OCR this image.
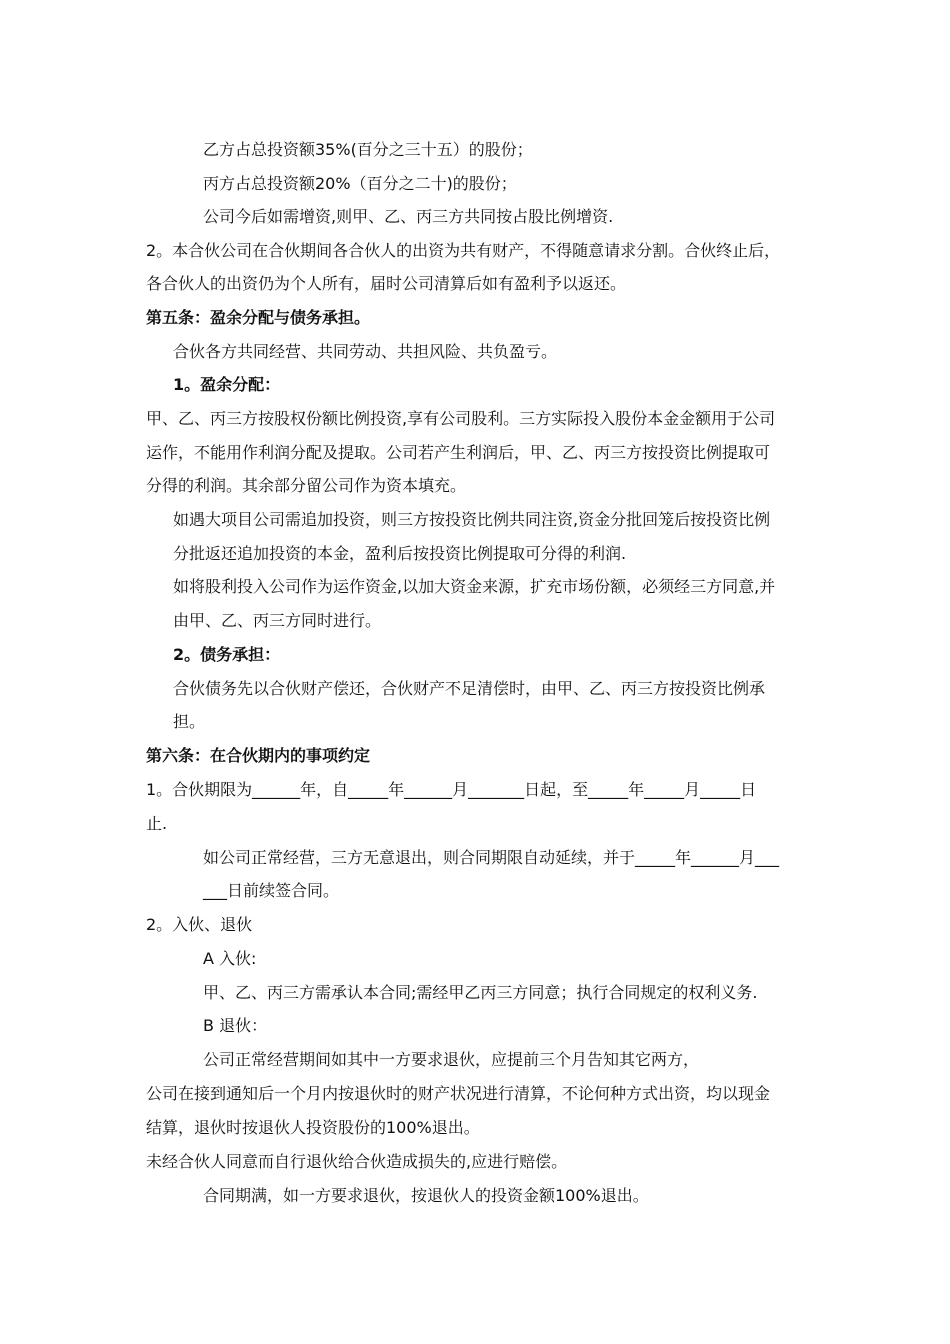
乙方占总投资额35%(百分之三十五）的股份；
丙方占总投资额20%（百分之二十)的股份；
公司今后如需增资,则甲、乙、丙三方共同按占股比例增资.
2。本合伙公司在合伙期间各合伙人的出资为共有财产，不得随意请求分割。合伙终止后，
各合伙人的出资仍为个人所有，届时公司清算后如有盈利予以返还。
第五条：盈余分配与债务承担。
合伙各方共同经营、共同劳动、共担风险、共负盈亏。
1。盈余分配：
甲、乙、丙三方按股权份额比例投资,享有公司股利。三方实际投入股份本金金额用于公司
运作，不能用作利润分配及提取。公司若产生利润后，甲、乙、丙三方按投资比例提取可
分得的利润。其余部分留公司作为资本填充。
如遇大项目公司需追加投资，则三方按投资比例共同注资,资金分批回笼后按投资比例
分批返还追加投资的本金，盈利后按投资比例提取可分得的利润.
如将股利投入公司作为运作资金,以加大资金来源，扩充市场份额，必须经三方同意,并
由甲、乙、丙三方同时进行。
2。债务承担：
合伙债务先以合伙财产偿还，合伙财产不足清偿时，由甲、乙、丙三方按投资比例承
担。
第六条：在合伙期内的事项约定
1。合伙期限为______年，自_____年______月_______日起，至_____年_____月_____日
止.
如公司正常经营，三方无意退出，则合同期限自动延续，并于_____年______月___
___日前续签合同。
2。入伙、退伙
A 入伙:
甲、乙、丙三方需承认本合同;需经甲乙丙三方同意；执行合同规定的权利义务.
B 退伙：
公司正常经营期间如其中一方要求退伙，应提前三个月告知其它两方，
公司在接到通知后一个月内按退伙时的财产状况进行清算，不论何种方式出资，均以现金
结算，退伙时按退伙人投资股份的100%退出。
未经合伙人同意而自行退伙给合伙造成损失的,应进行赔偿。
合同期满，如一方要求退伙，按退伙人的投资金额100%退出。
